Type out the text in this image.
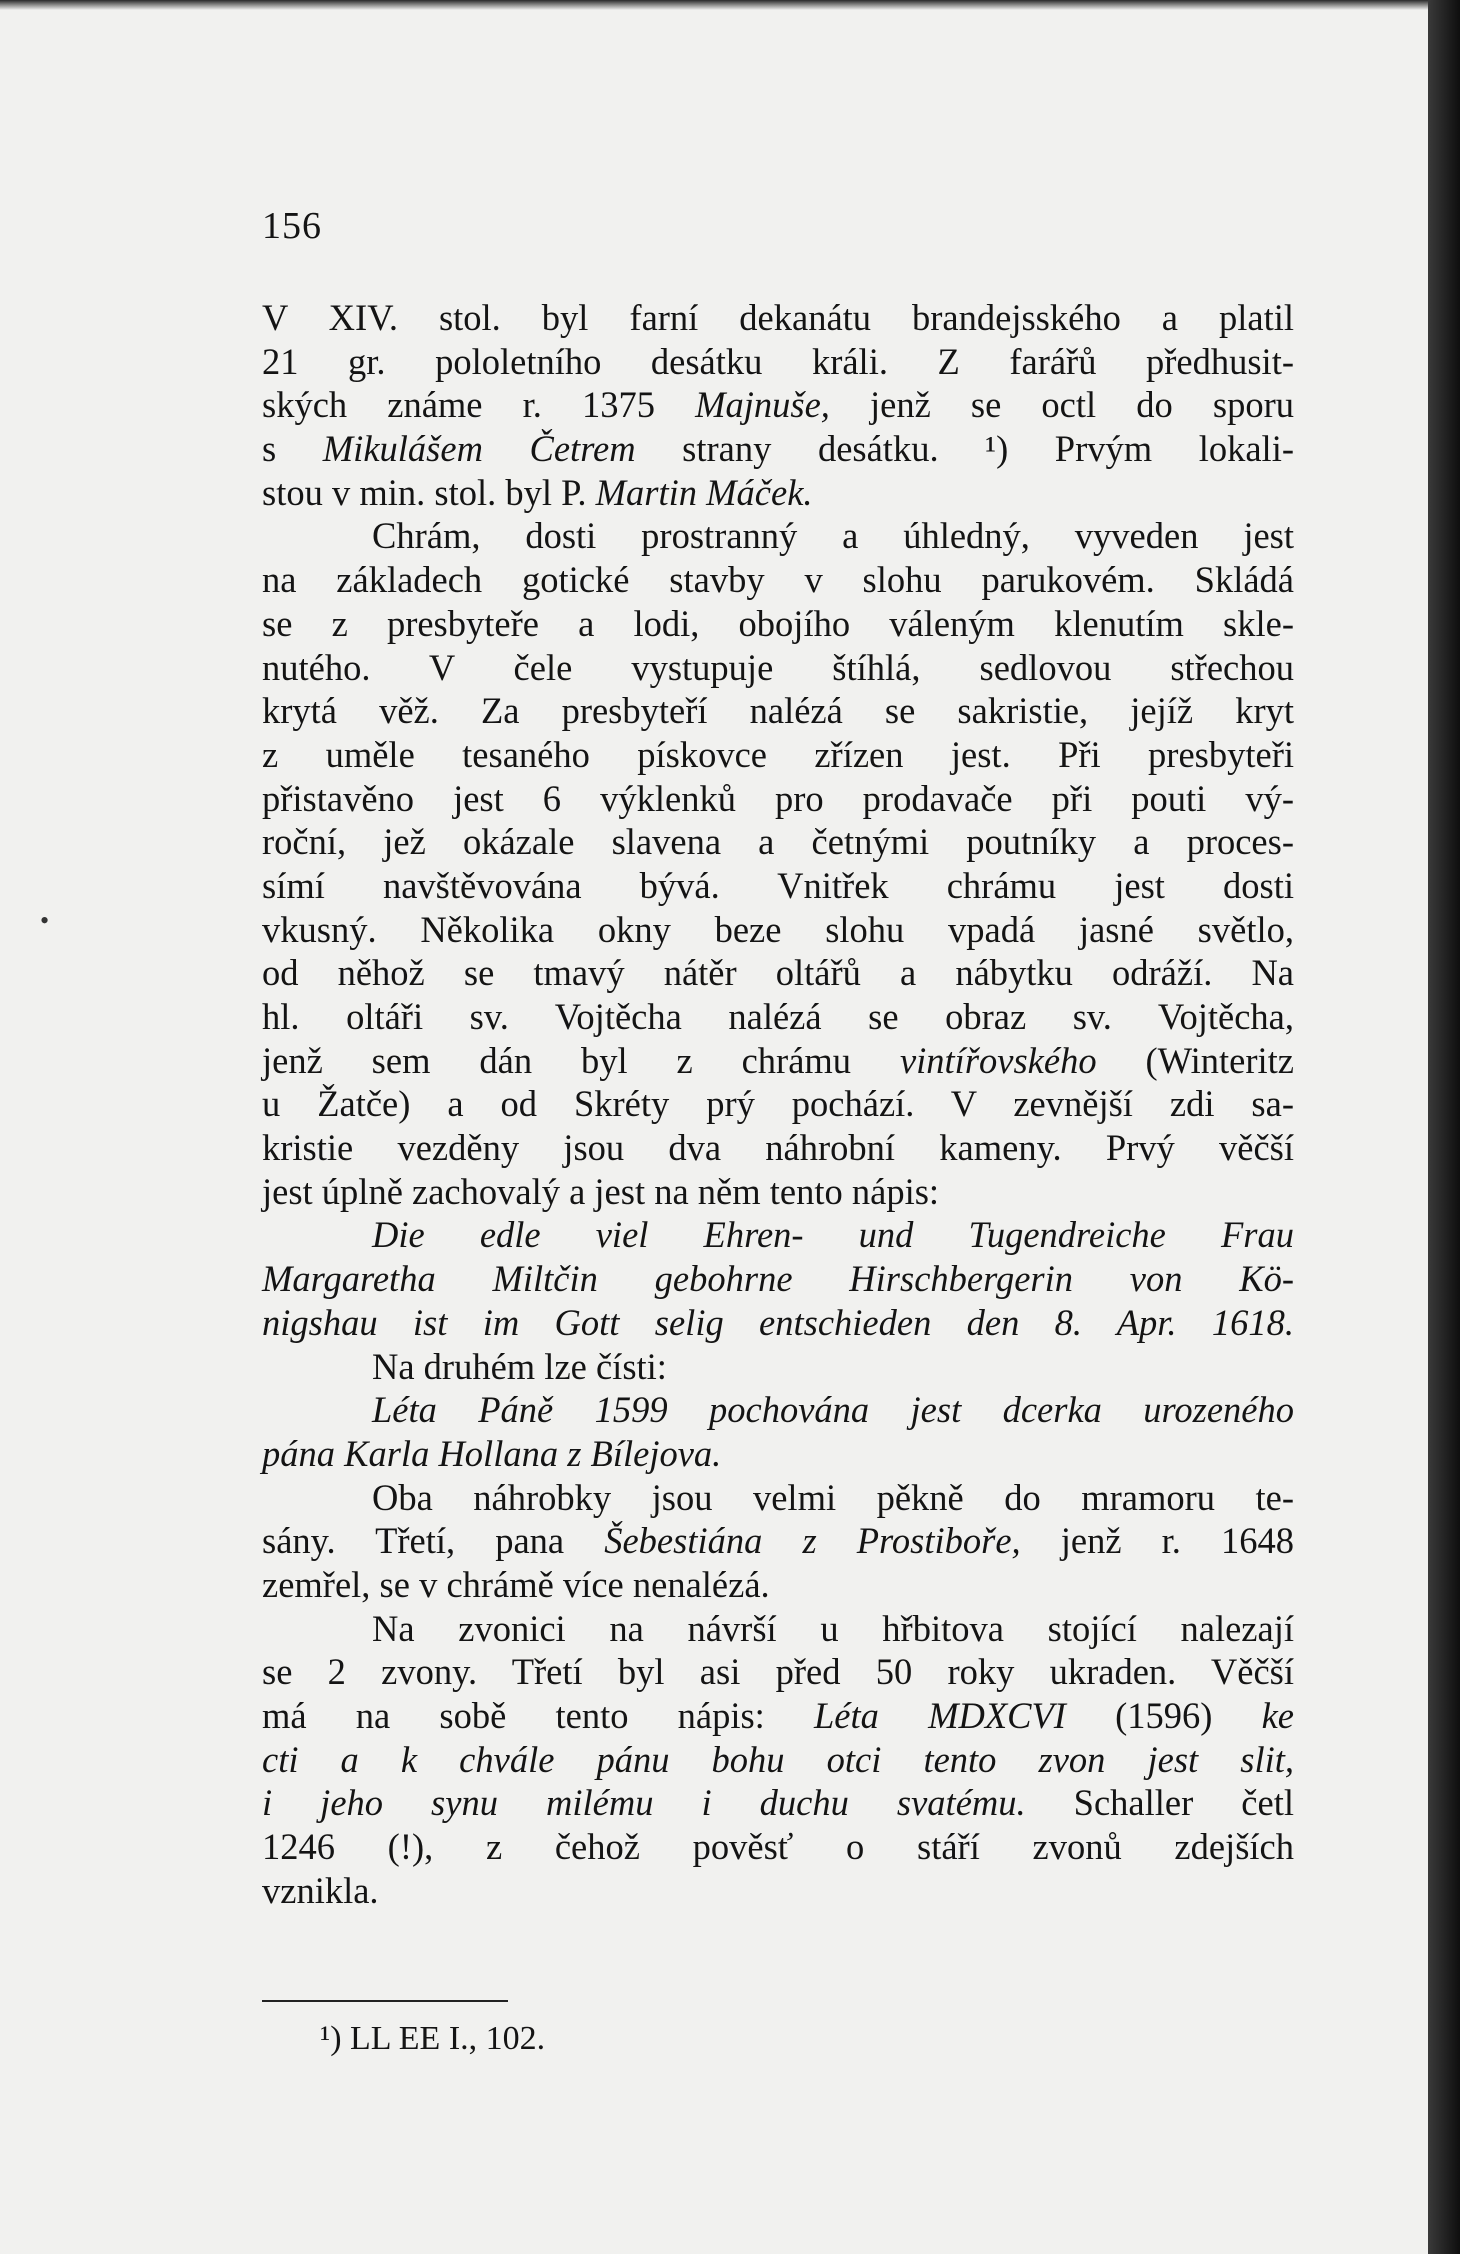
156
•
V XIV. stol. byl farní dekanátu brandejsského a platil
21 gr. pololetního desátku králi. Z farářů předhusit-
ských známe r. 1375 Majnuše, jenž se octl do sporu
s Mikulášem Četrem strany desátku. ¹) Prvým lokali-
stou v min. stol. byl P. Martin Máček.
Chrám, dosti prostranný a úhledný, vyveden jest
na základech gotické stavby v slohu parukovém. Skládá
se z presbyteře a lodi, obojího váleným klenutím skle-
nutého. V čele vystupuje štíhlá, sedlovou střechou
krytá věž. Za presbyteří nalézá se sakristie, jejíž kryt
z uměle tesaného pískovce zřízen jest. Při presbyteři
přistavěno jest 6 výklenků pro prodavače při pouti vý-
roční, jež okázale slavena a četnými poutníky a proces-
símí navštěvována bývá. Vnitřek chrámu jest dosti
vkusný. Několika okny beze slohu vpadá jasné světlo,
od něhož se tmavý nátěr oltářů a nábytku odráží. Na
hl. oltáři sv. Vojtěcha nalézá se obraz sv. Vojtěcha,
jenž sem dán byl z chrámu vintířovského (Winteritz
u Žatče) a od Skréty prý pochází. V zevnější zdi sa-
kristie vezděny jsou dva náhrobní kameny. Prvý věčší
jest úplně zachovalý a jest na něm tento nápis:
Die edle viel Ehren- und Tugendreiche Frau
Margaretha Miltčin gebohrne Hirschbergerin von Kö-
nigshau ist im Gott selig entschieden den 8. Apr. 1618.
Na druhém lze čísti:
Léta Páně 1599 pochována jest dcerka urozeného
pána Karla Hollana z Bílejova.
Oba náhrobky jsou velmi pěkně do mramoru te-
sány. Třetí, pana Šebestiána z Prostiboře, jenž r. 1648
zemřel, se v chrámě více nenalézá.
Na zvonici na návrší u hřbitova stojící nalezají
se 2 zvony. Třetí byl asi před 50 roky ukraden. Věčší
má na sobě tento nápis: Léta MDXCVI (1596) ke
cti a k chvále pánu bohu otci tento zvon jest slit,
i jeho synu milému i duchu svatému. Schaller četl
1246 (!), z čehož pověsť o stáří zvonů zdejších
vznikla.
¹) LL EE I., 102.
